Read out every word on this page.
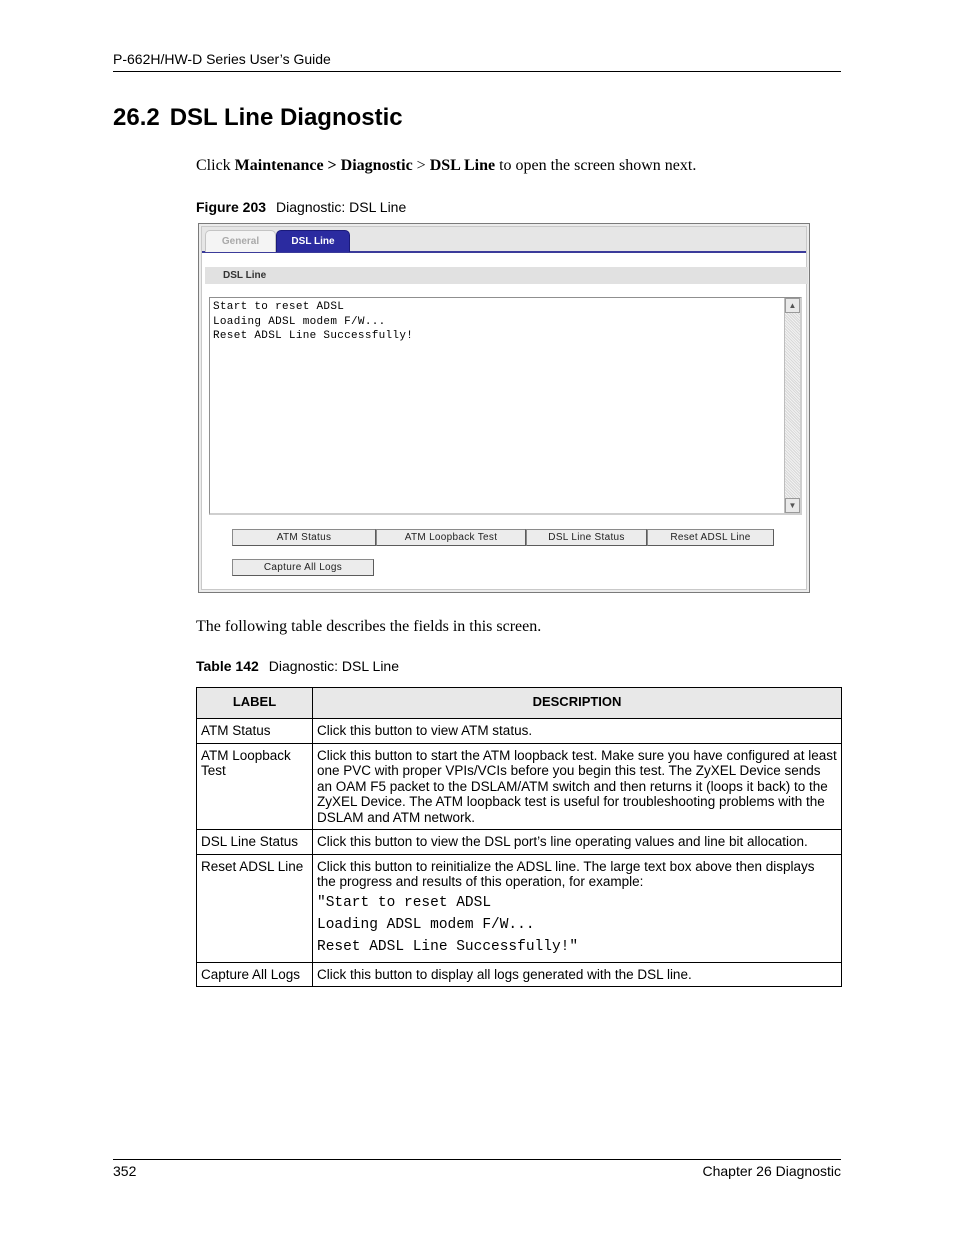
P-662H/HW-D Series User’s Guide
26.2 DSL Line Diagnostic
Click Maintenance > Diagnostic > DSL Line to open the screen shown next.
Figure 203 Diagnostic: DSL Line
General	DSL Line
DSL Line
Start to reset ADSL
Loading ADSL modem F/W...
Reset ADSL Line Successfully!
▲
▼
ATM Status	ATM Loopback Test	DSL Line Status	Reset ADSL Line
Capture All Logs
The following table describes the fields in this screen.
Table 142 Diagnostic: DSL Line
LABEL	DESCRIPTION
ATM Status	Click this button to view ATM status.
ATM Loopback Test	Click this button to start the ATM loopback test. Make sure you have configured at least one PVC with proper VPIs/VCIs before you begin this test. The ZyXEL Device sends an OAM F5 packet to the DSLAM/ATM switch and then returns it (loops it back) to the ZyXEL Device. The ATM loopback test is useful for troubleshooting problems with the DSLAM and ATM network.
DSL Line Status	Click this button to view the DSL port’s line operating values and line bit allocation.
Reset ADSL Line	Click this button to reinitialize the ADSL line. The large text box above then displays the progress and results of this operation, for example:
"Start to reset ADSL
Loading ADSL modem F/W...
Reset ADSL Line Successfully!"

Capture All Logs	Click this button to display all logs generated with the DSL line.
352	Chapter 26 Diagnostic
